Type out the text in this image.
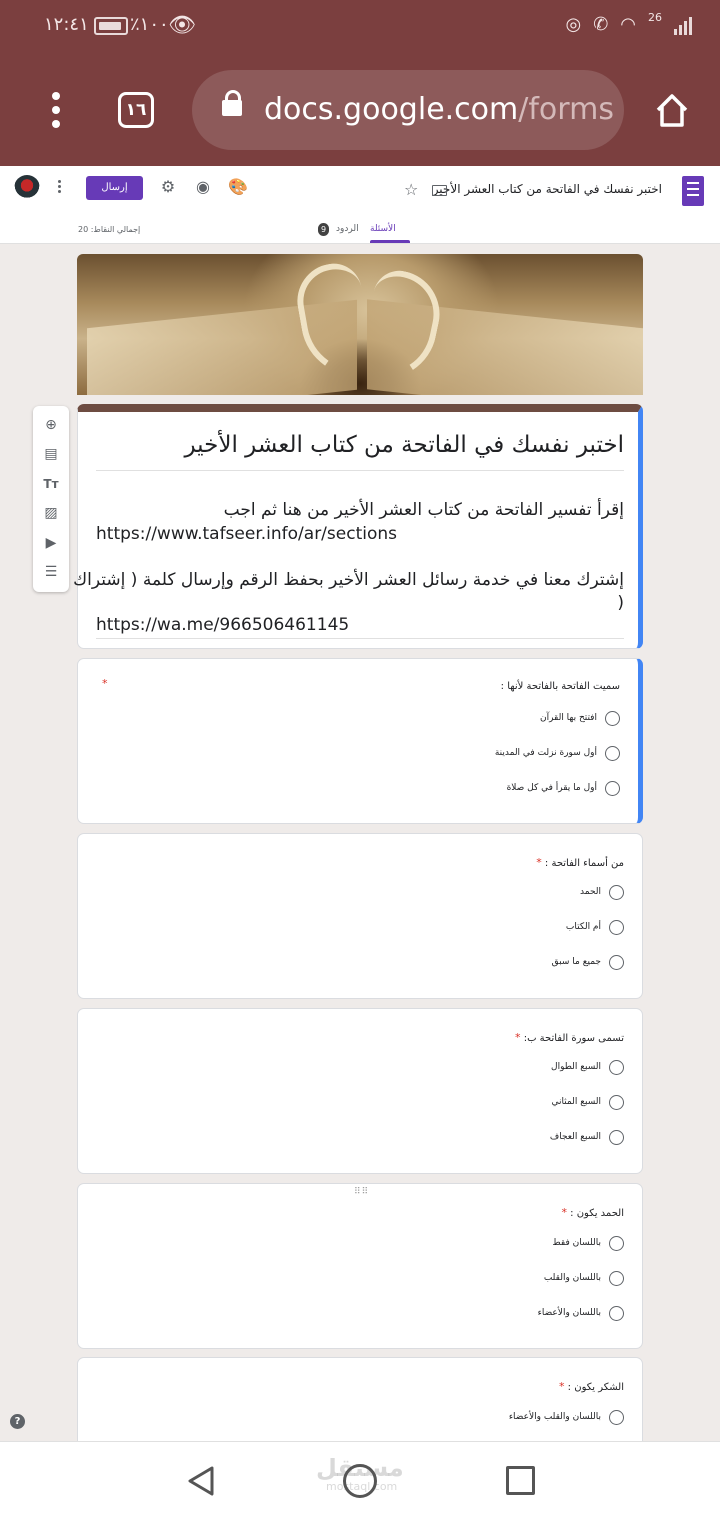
١٢:٤١ ٪١٠٠ 👁	◎ ✆ ◠ 26
١٦	docs.google.com/forms
اختبر نفسك في الفاتحة من كتاب العشر الأخير
☆
إرسال	⚙ ◉ 🎨
الأسئلة
الردود
9
إجمالي النقاط: 20
⊕
▤
Tт
▨
▶
☰
اختبر نفسك في الفاتحة من كتاب العشر الأخير
إقرأ تفسير الفاتحة من كتاب العشر الأخير من هنا ثم اجب
https://www.tafseer.info/ar/sections
إشترك معنا في خدمة رسائل العشر الأخير بحفظ الرقم وإرسال كلمة ( إشتراك
)
https://wa.me/966506461145
*	سميت الفاتحة بالفاتحة لأنها :
افتتح بها القرآن
أول سورة نزلت في المدينة
أول ما يقرأ في كل صلاة
من أسماء الفاتحة : *
الحمد
أم الكتاب
جميع ما سبق
تسمى سورة الفاتحة ب: *
السبع الطوال
السبع المثاني
السبع العجاف
⠿⠿
الحمد يكون : *
باللسان فقط
باللسان والقلب
باللسان والأعضاء
الشكر يكون : *
باللسان والقلب والأعضاء
?
مستقل
mostaql.com
